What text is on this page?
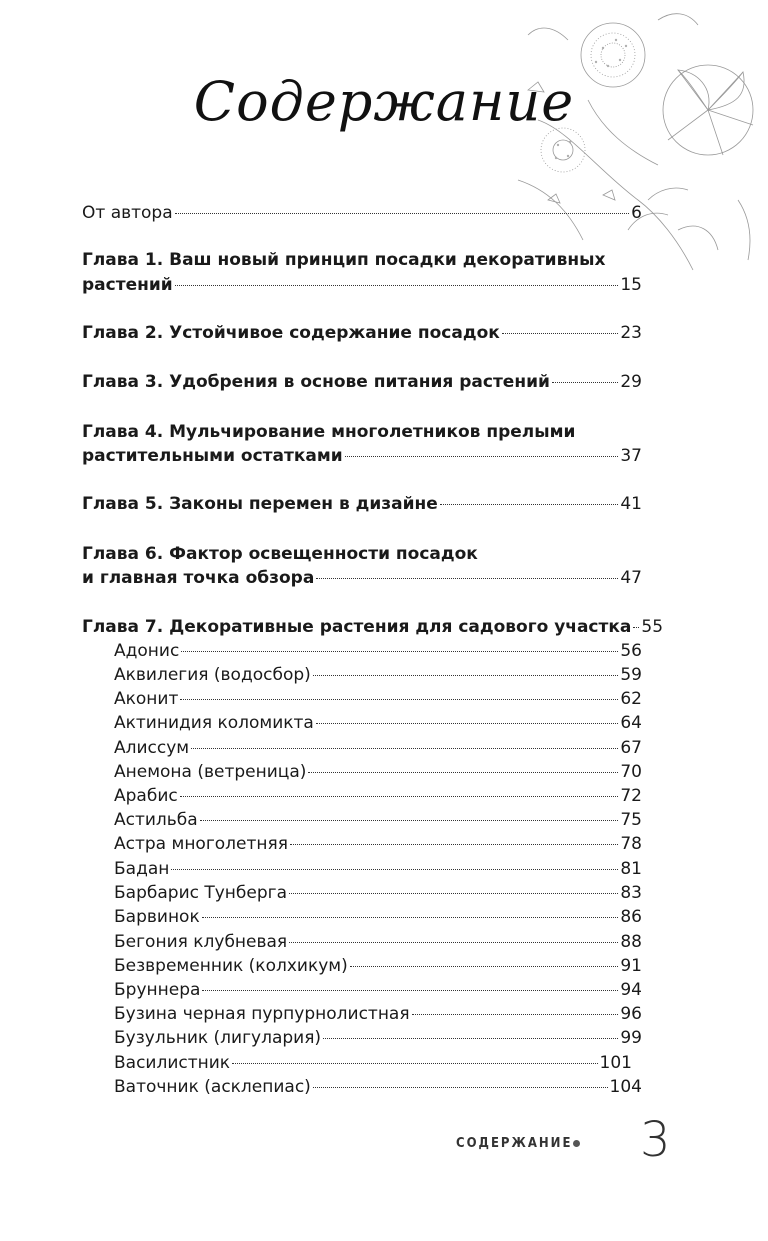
Содержание
От автора	6
Глава 1. Ваш новый принцип посадки декоративных
растений	15
Глава 2. Устойчивое содержание посадок	23
Глава 3. Удобрения в основе питания растений	29
Глава 4. Мульчирование многолетников прелыми
растительными остатками	37
Глава 5. Законы перемен в дизайне	41
Глава 6. Фактор освещенности посадок
и главная точка обзора	47
Глава 7. Декоративные растения для садового участка 55
Адонис	56
Аквилегия (водосбор)	59
Аконит	62
Актинидия коломикта	64
Алиссум	67
Анемона (ветреница)	70
Арабис	72
Астильба	75
Астра многолетняя	78
Бадан	81
Барбарис Тунберга	83
Барвинок	86
Бегония клубневая	88
Безвременник (колхикум)	91
Бруннера	94
Бузина черная пурпурнолистная	96
Бузульник (лигулария)	99
Василистник	101
Ваточник (асклепиас)	104
СОДЕРЖАНИЕ 3
